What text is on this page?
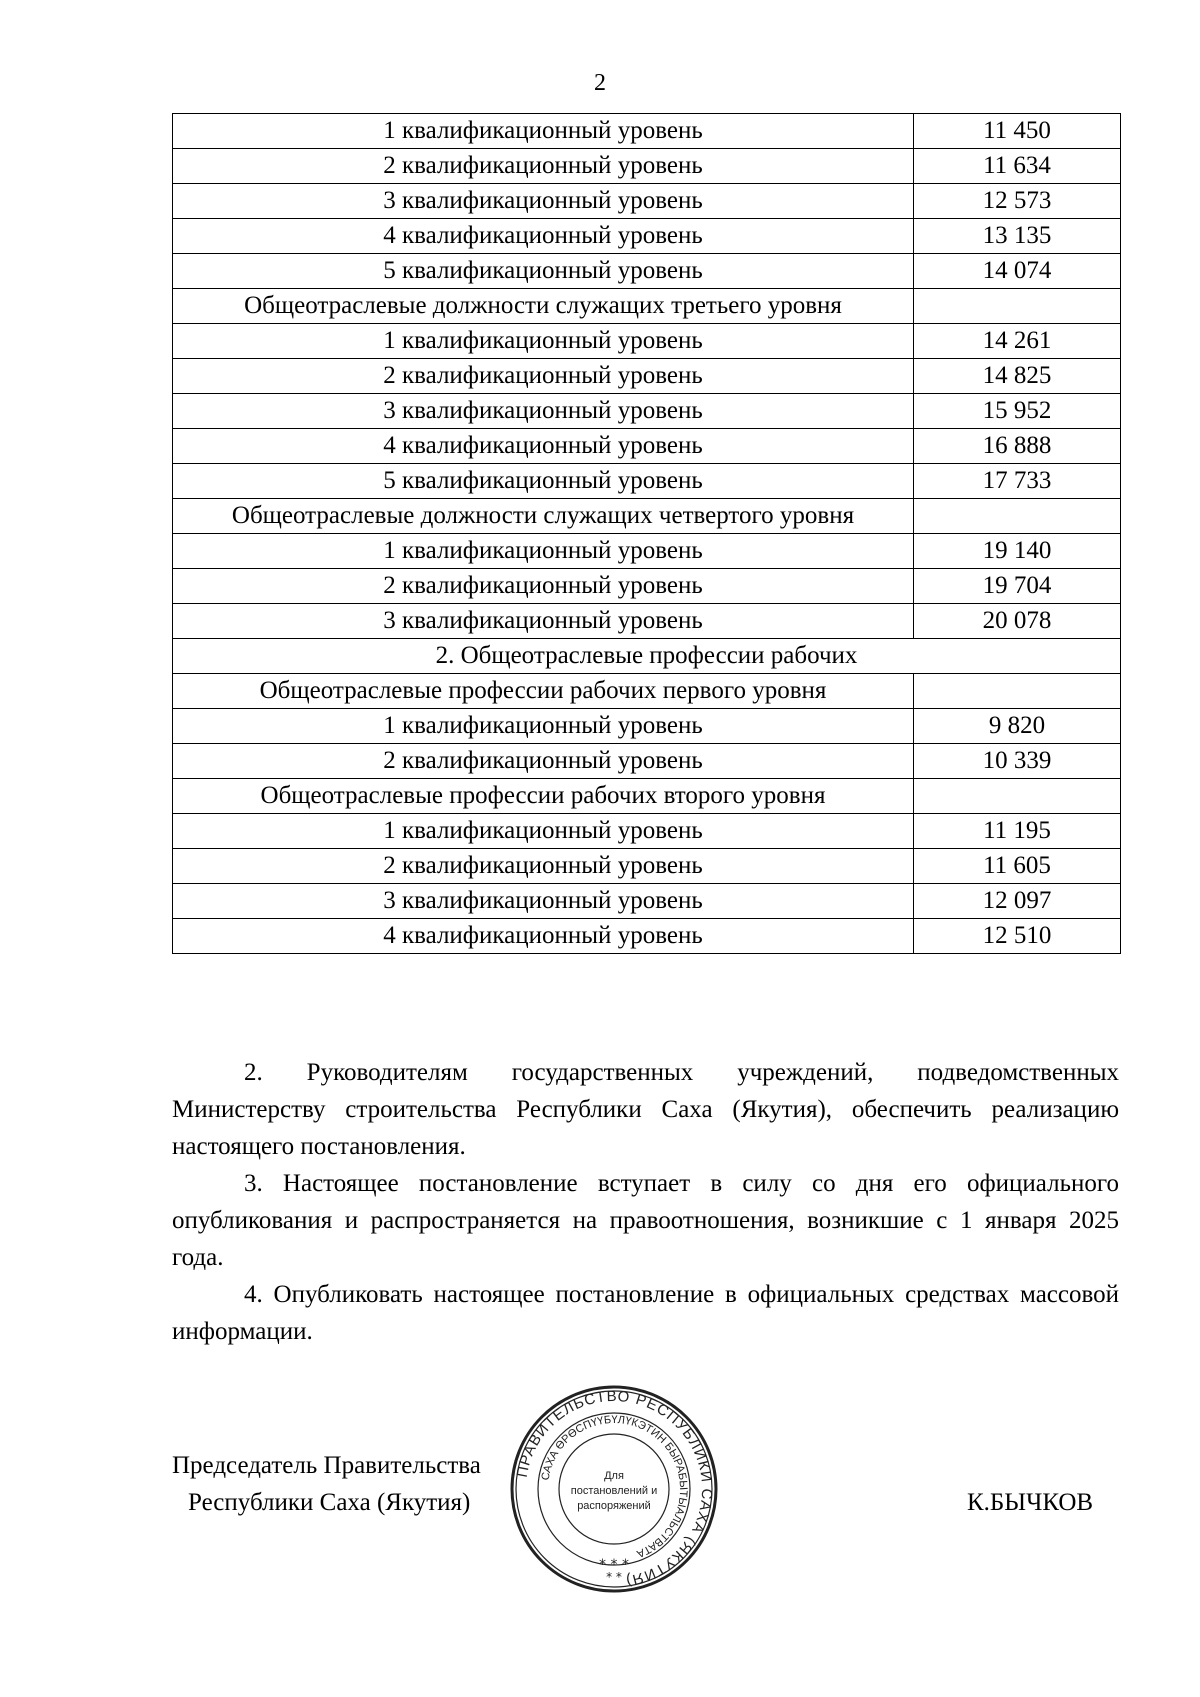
2
1 квалификационный уровень	11 450
2 квалификационный уровень	11 634
3 квалификационный уровень	12 573
4 квалификационный уровень	13 135
5 квалификационный уровень	14 074
Общеотраслевые должности служащих третьего уровня	
1 квалификационный уровень	14 261
2 квалификационный уровень	14 825
3 квалификационный уровень	15 952
4 квалификационный уровень	16 888
5 квалификационный уровень	17 733
Общеотраслевые должности служащих четвертого уровня	
1 квалификационный уровень	19 140
2 квалификационный уровень	19 704
3 квалификационный уровень	20 078
2. Общеотраслевые профессии рабочих	
Общеотраслевые профессии рабочих первого уровня	
1 квалификационный уровень	9 820
2 квалификационный уровень	10 339
Общеотраслевые профессии рабочих второго уровня	
1 квалификационный уровень	11 195
2 квалификационный уровень	11 605
3 квалификационный уровень	12 097
4 квалификационный уровень	12 510

2. Руководителям государственных учреждений, подведомственных Министерству строительства Республики Саха (Якутия), обеспечить реализацию настоящего постановления.

3. Настоящее постановление вступает в силу со дня его официального опубликования и распространяется на правоотношения, возникшие с 1 января 2025 года.

4. Опубликовать настоящее постановление в официальных средствах массовой информации.

Председатель Правительства
Республики Саха (Якутия)	К.БЫЧКОВ
ПРАВИТЕЛЬСТВО РЕСПУБЛИКИ САХА (ЯКУТИЯ)
САХА ӨРӨСПҮҮБҮЛҮКЭТИН БЫРАБЫТЫАЛЬСТВАТА
Для
постановлений и
распоряжений
* * *
* *
